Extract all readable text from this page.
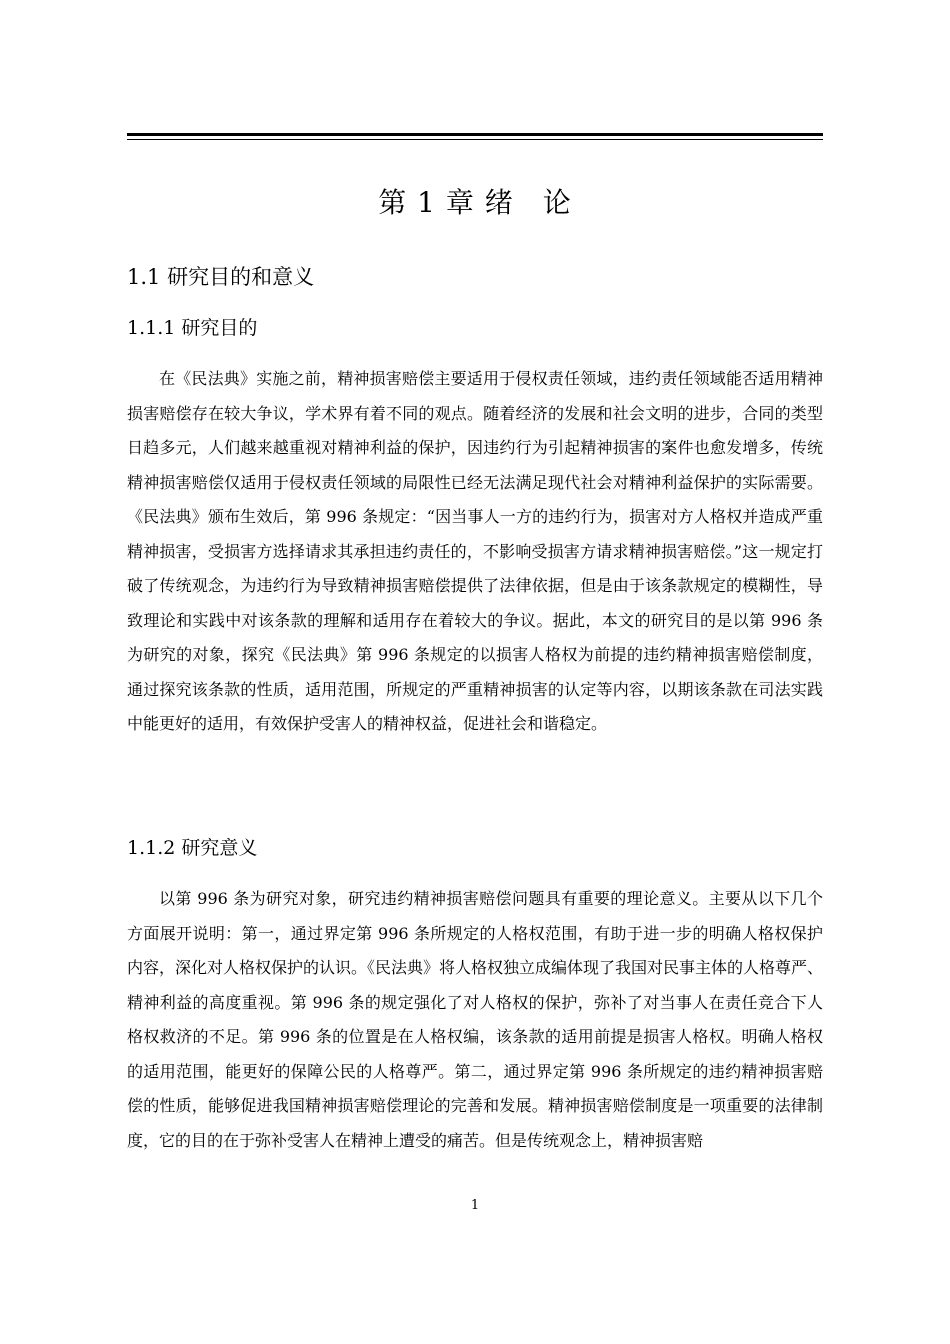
第 1 章 绪　论
1.1 研究目的和意义
1.1.1 研究目的

在《民法典》实施之前，精神损害赔偿主要适用于侵权责任领域，违约责任领域能否适用精神损害赔偿存在较大争议，学术界有着不同的观点。随着经济的发展和社会文明的进步，合同的类型日趋多元，人们越来越重视对精神利益的保护，因违约行为引起精神损害的案件也愈发增多，传统精神损害赔偿仅适用于侵权责任领域的局限性已经无法满足现代社会对精神利益保护的实际需要。《民法典》颁布生效后，第 996 条规定：“因当事人一方的违约行为，损害对方人格权并造成严重精神损害，受损害方选择请求其承担违约责任的，不影响受损害方请求精神损害赔偿。”这一规定打破了传统观念，为违约行为导致精神损害赔偿提供了法律依据，但是由于该条款规定的模糊性，导致理论和实践中对该条款的理解和适用存在着较大的争议。据此，本文的研究目的是以第 996 条为研究的对象，探究《民法典》第 996 条规定的以损害人格权为前提的违约精神损害赔偿制度，通过探究该条款的性质，适用范围，所规定的严重精神损害的认定等内容，以期该条款在司法实践中能更好的适用，有效保护受害人的精神权益，促进社会和谐稳定。

1.1.2 研究意义

以第 996 条为研究对象，研究违约精神损害赔偿问题具有重要的理论意义。主要从以下几个方面展开说明：第一，通过界定第 996 条所规定的人格权范围，有助于进一步的明确人格权保护内容，深化对人格权保护的认识。《民法典》将人格权独立成编体现了我国对民事主体的人格尊严、精神利益的高度重视。第 996 条的规定强化了对人格权的保护，弥补了对当事人在责任竞合下人格权救济的不足。第 996 条的位置是在人格权编，该条款的适用前提是损害人格权。明确人格权的适用范围，能更好的保障公民的人格尊严。第二，通过界定第 996 条所规定的违约精神损害赔偿的性质，能够促进我国精神损害赔偿理论的完善和发展。精神损害赔偿制度是一项重要的法律制度，它的目的在于弥补受害人在精神上遭受的痛苦。但是传统观念上，精神损害赔

1
